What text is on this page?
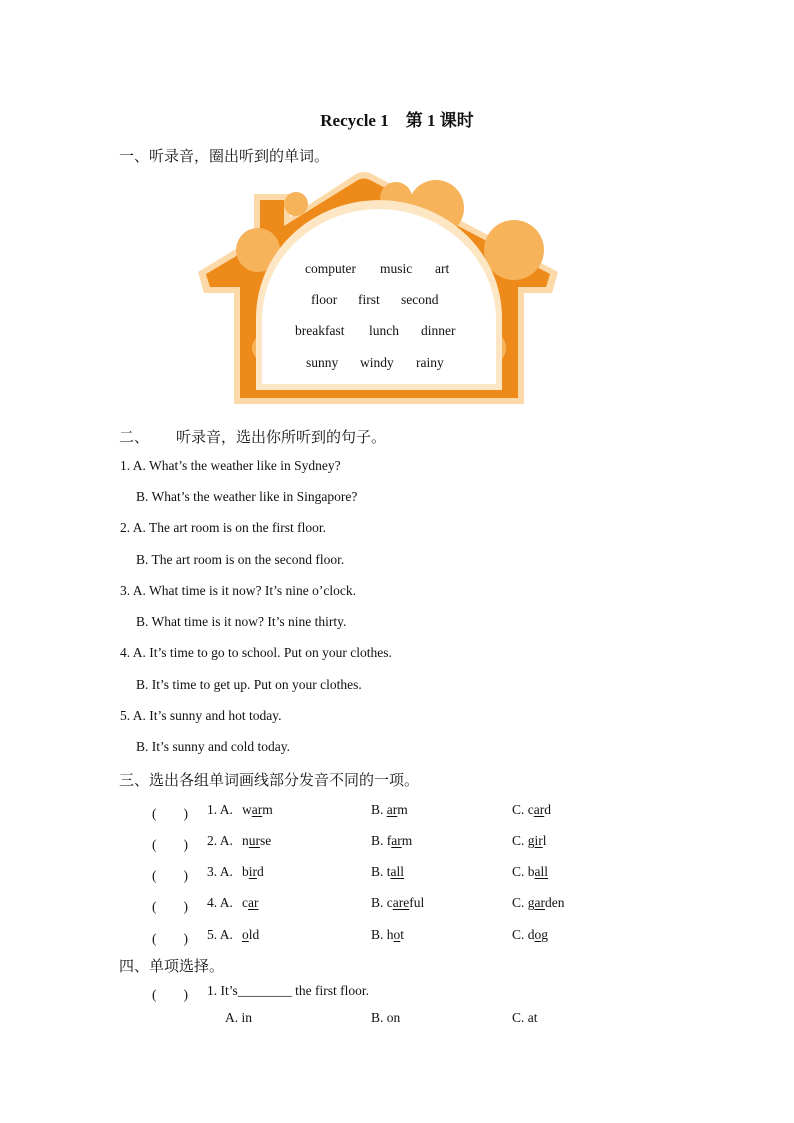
Recycle 1　第 1 课时
一、听录音，圈出听到的单词。
computer music art
floor first second
breakfast lunch dinner
sunny windy rainy
二、 听录音，选出你所听到的句子。
1. A. What’s the weather like in Sydney?
B. What’s the weather like in Singapore?
2. A. The art room is on the first floor.
B. The art room is on the second floor.
3. A. What time is it now? It’s nine o’clock.
B. What time is it now? It’s nine thirty.
4. A. It’s time to go to school. Put on your clothes.
B. It’s time to get up. Put on your clothes.
5. A. It’s sunny and hot today.
B. It’s sunny and cold today.
三、选出各组单词画线部分发音不同的一项。
(　　) 1. A. warm	B. arm	C. card
(　　) 2. A. nurse	B. farm	C. girl
(　　) 3. A. bird	B. tall	C. ball
(　　) 4. A. car	B. careful	C. garden
(　　) 5. A. old	B. hot	C. dog
四、单项选择。
(　　) 1. It’s________ the first floor.
A. in	B. on	C. at
